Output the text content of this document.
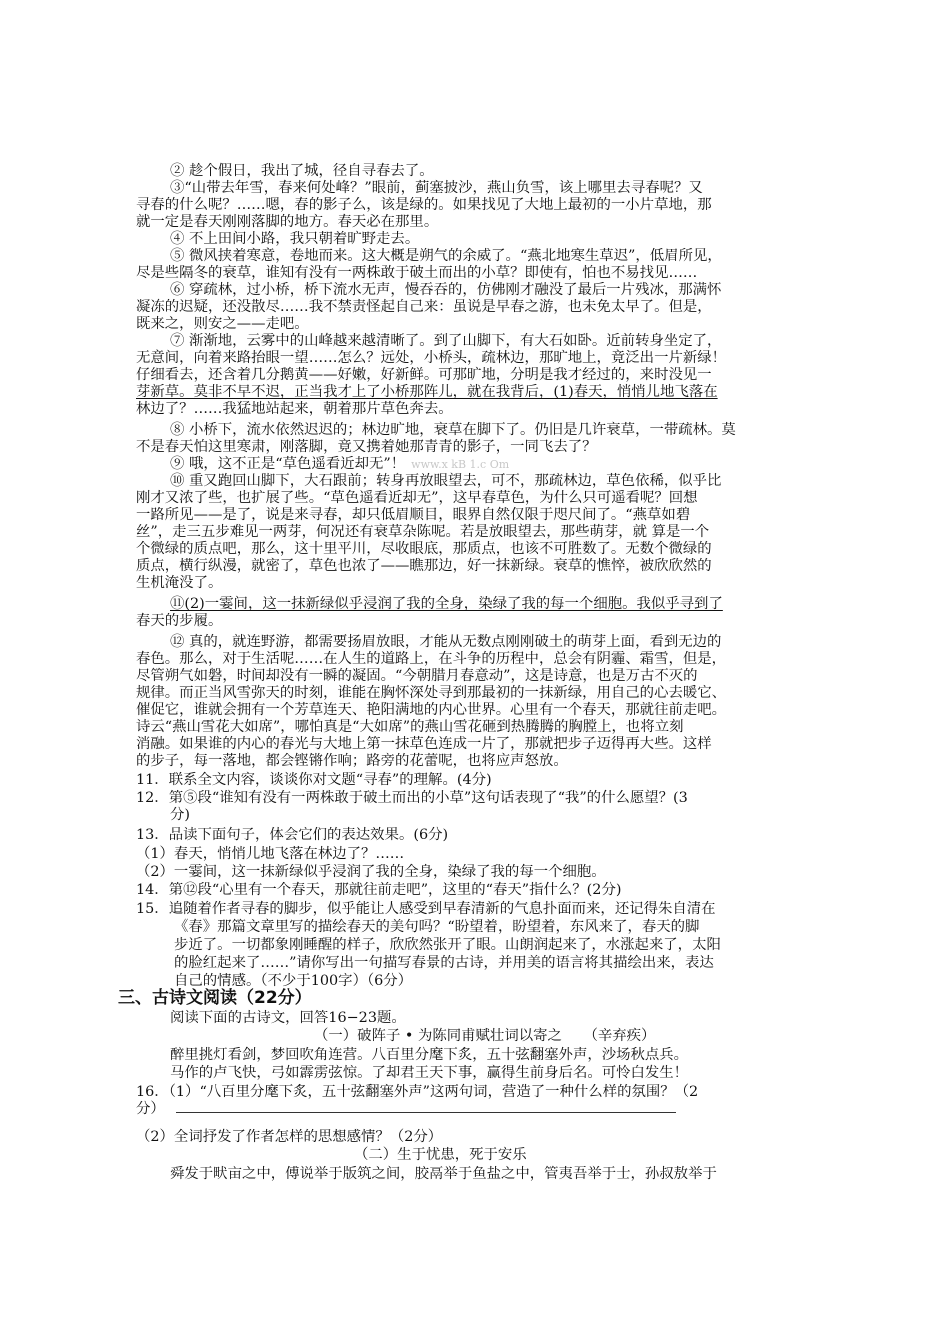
② 趁个假日，我出了城，径自寻春去了。
③“山带去年雪，春来何处峰？”眼前，蓟塞披沙，燕山负雪，该上哪里去寻春呢？又
寻春的什么呢？……嗯，春的影子么，该是绿的。如果找见了大地上最初的一小片草地，那
就一定是春天刚刚落脚的地方。春天必在那里。
④ 不上田间小路，我只朝着旷野走去。
⑤ 微风挟着寒意，卷地而来。这大概是朔气的余威了。“燕北地寒生草迟”，低眉所见，
尽是些隔冬的衰草，谁知有没有一两株敢于破土而出的小草？即使有，怕也不易找见……
⑥ 穿疏林，过小桥，桥下流水无声，慢吞吞的，仿佛刚才融没了最后一片残冰，那满怀
凝冻的迟疑，还没散尽……我不禁责怪起自己来：虽说是早春之游，也未免太早了。但是，
既来之，则安之——走吧。
⑦ 渐渐地，云雾中的山峰越来越清晰了。到了山脚下，有大石如卧。近前转身坐定了，
无意间，向着来路抬眼一望……怎么？远处，小桥头，疏林边，那旷地上，竟泛出一片新绿！
仔细看去，还含着几分鹅黄——好嫩，好新鲜。可那旷地，分明是我才经过的，来时没见一
芽新草。莫非不早不迟，正当我才上了小桥那阵儿，就在我背后，(1)春天，悄悄儿地飞落在
林边了？……我猛地站起来，朝着那片草色奔去。
⑧ 小桥下，流水依然迟迟的；林边旷地，衰草在脚下了。仍旧是几许衰草，一带疏林。莫
不是春天怕这里寒肃，刚落脚，竟又携着她那青青的影子，一同飞去了？
⑨ 哦，这不正是“草色遥看近却无”！ www.x kB 1.c Om
⑩ 重又跑回山脚下，大石跟前；转身再放眼望去，可不，那疏林边，草色依稀，似乎比
刚才又浓了些，也扩展了些。“草色遥看近却无”，这早春草色，为什么只可遥看呢？回想
一路所见——是了，说是来寻春，却只低眉顺目，眼界自然仅限于咫尺间了。“燕草如碧
丝”，走三五步难见一两芽，何况还有衰草杂陈呢。若是放眼望去，那些萌芽，就 算是一个
个微绿的质点吧，那么，这十里平川，尽收眼底，那质点，也该不可胜数了。无数个微绿的
质点，横行纵漫，就密了，草色也浓了——瞧那边，好一抹新绿。衰草的憔悴，被欣欣然的
生机淹没了。
⑪(2)一霎间，这一抹新绿似乎浸润了我的全身，染绿了我的每一个细胞。我似乎寻到了
春天的步履。
⑫ 真的，就连野游，都需要扬眉放眼，才能从无数点刚刚破土的萌芽上面，看到无边的
春色。那么，对于生活呢……在人生的道路上，在斗争的历程中，总会有阴霾、霜雪，但是，
尽管朔气如磐，时间却没有一瞬的凝固。“今朝腊月春意动”，这是诗意，也是万古不灭的
规律。而正当风雪弥天的时刻，谁能在胸怀深处寻到那最初的一抹新绿，用自己的心去暖它、
催促它，谁就会拥有一个芳草连天、艳阳满地的内心世界。心里有一个春天，那就往前走吧。
诗云“燕山雪花大如席”，哪怕真是“大如席”的燕山雪花砸到热腾腾的胸膛上，也将立刻
消融。如果谁的内心的春光与大地上第一抹草色连成一片了，那就把步子迈得再大些。这样
的步子，每一落地，都会铿锵作响；路旁的花蕾呢，也将应声怒放。
11．联系全文内容，谈谈你对文题“寻春”的理解。(4分)
12．第⑤段“谁知有没有一两株敢于破土而出的小草”这句话表现了“我”的什么愿望？(3
分)
13．品读下面句子，体会它们的表达效果。(6分)
（1）春天，悄悄儿地飞落在林边了？……
（2）一霎间，这一抹新绿似乎浸润了我的全身，染绿了我的每一个细胞。
14．第⑫段“心里有一个春天，那就往前走吧”，这里的“春天”指什么？(2分)
15．追随着作者寻春的脚步，似乎能让人感受到早春清新的气息扑面而来，还记得朱自清在
《春》那篇文章里写的描绘春天的美句吗？“盼望着，盼望着，东风来了，春天的脚
步近了。一切都象刚睡醒的样子，欣欣然张开了眼。山朗润起来了，水涨起来了，太阳
的脸红起来了……”请你写出一句描写春景的古诗，并用美的语言将其描绘出来，表达
自己的情感。（不少于100字）（6分）
三、古诗文阅读（22分）
阅读下面的古诗文，回答16−23题。
（一）破阵子 • 为陈同甫赋壮词以寄之　　（辛弃疾）
醉里挑灯看剑，梦回吹角连营。八百里分麾下炙，五十弦翻塞外声，沙场秋点兵。
马作的卢飞快，弓如霹雳弦惊。了却君王天下事，赢得生前身后名。可怜白发生！
16．（1）“八百里分麾下炙，五十弦翻塞外声”这两句词，营造了一种什么样的氛围？（2
分）
（2）全词抒发了作者怎样的思想感情？（2分）
（二）生于忧患，死于安乐
舜发于畎亩之中，傅说举于版筑之间，胶鬲举于鱼盐之中，管夷吾举于士，孙叔敖举于
